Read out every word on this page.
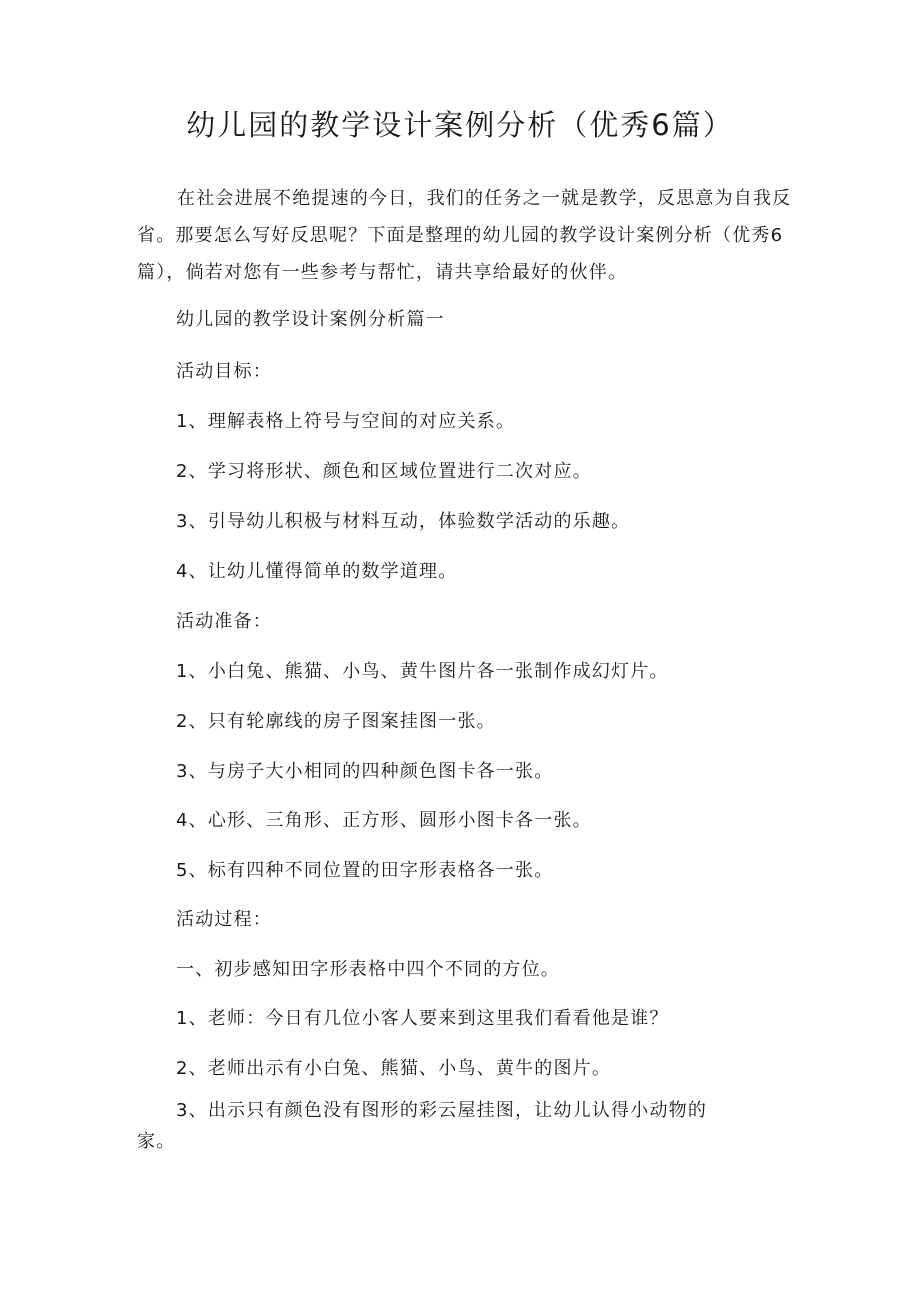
幼儿园的教学设计案例分析（优秀6篇）

在社会进展不绝提速的今日，我们的任务之一就是教学，反思意为自我反省。那要怎么写好反思呢？下面是整理的幼儿园的教学设计案例分析（优秀6篇），倘若对您有一些参考与帮忙，请共享给最好的伙伴。

幼儿园的教学设计案例分析篇一

活动目标：

1、理解表格上符号与空间的对应关系。

2、学习将形状、颜色和区域位置进行二次对应。

3、引导幼儿积极与材料互动，体验数学活动的乐趣。

4、让幼儿懂得简单的数学道理。

活动准备：

1、小白兔、熊猫、小鸟、黄牛图片各一张制作成幻灯片。

2、只有轮廓线的房子图案挂图一张。

3、与房子大小相同的四种颜色图卡各一张。

4、心形、三角形、正方形、圆形小图卡各一张。

5、标有四种不同位置的田字形表格各一张。

活动过程：

一、初步感知田字形表格中四个不同的方位。

1、老师：今日有几位小客人要来到这里我们看看他是谁？

2、老师出示有小白兔、熊猫、小鸟、黄牛的图片。

3、出示只有颜色没有图形的彩云屋挂图，让幼儿认得小动物的家。
